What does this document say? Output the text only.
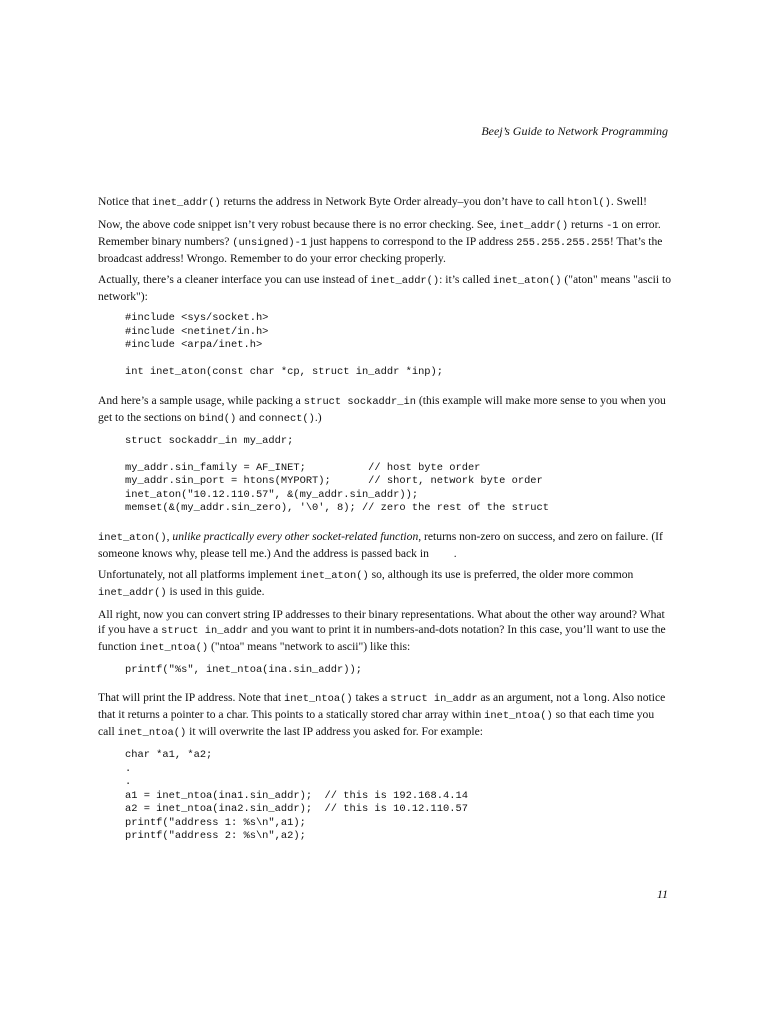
Beej’s Guide to Network Programming

Notice that inet_addr() returns the address in Network Byte Order already–you don’t have to call htonl(). Swell!

Now, the above code snippet isn’t very robust because there is no error checking. See, inet_addr() returns -1 on error. Remember binary numbers? (unsigned)-1 just happens to correspond to the IP address 255.255.255.255! That’s the broadcast address! Wrongo. Remember to do your error checking properly.

Actually, there’s a cleaner interface you can use instead of inet_addr(): it’s called inet_aton() ("aton" means "ascii to network"):

#include <sys/socket.h>
#include <netinet/in.h>
#include <arpa/inet.h>

int inet_aton(const char *cp, struct in_addr *inp);

And here’s a sample usage, while packing a struct sockaddr_in (this example will make more sense to you when you get to the sections on bind() and connect().)

struct sockaddr_in my_addr;

my_addr.sin_family = AF_INET;          // host byte order
my_addr.sin_port = htons(MYPORT);      // short, network byte order
inet_aton("10.12.110.57", &(my_addr.sin_addr));
memset(&(my_addr.sin_zero), '\0', 8); // zero the rest of the struct

inet_aton(), unlike practically every other socket-related function, returns non-zero on success, and zero on failure. (If someone knows why, please tell me.) And the address is passed back in .

Unfortunately, not all platforms implement inet_aton() so, although its use is preferred, the older more common inet_addr() is used in this guide.

All right, now you can convert string IP addresses to their binary representations. What about the other way around? What if you have a struct in_addr and you want to print it in numbers-and-dots notation? In this case, you’ll want to use the function inet_ntoa() ("ntoa" means "network to ascii") like this:

printf("%s", inet_ntoa(ina.sin_addr));

That will print the IP address. Note that inet_ntoa() takes a struct in_addr as an argument, not a long. Also notice that it returns a pointer to a char. This points to a statically stored char array within inet_ntoa() so that each time you call inet_ntoa() it will overwrite the last IP address you asked for. For example:

char *a1, *a2;
.
.
a1 = inet_ntoa(ina1.sin_addr);  // this is 192.168.4.14
a2 = inet_ntoa(ina2.sin_addr);  // this is 10.12.110.57
printf("address 1: %s\n",a1);
printf("address 2: %s\n",a2);
11
